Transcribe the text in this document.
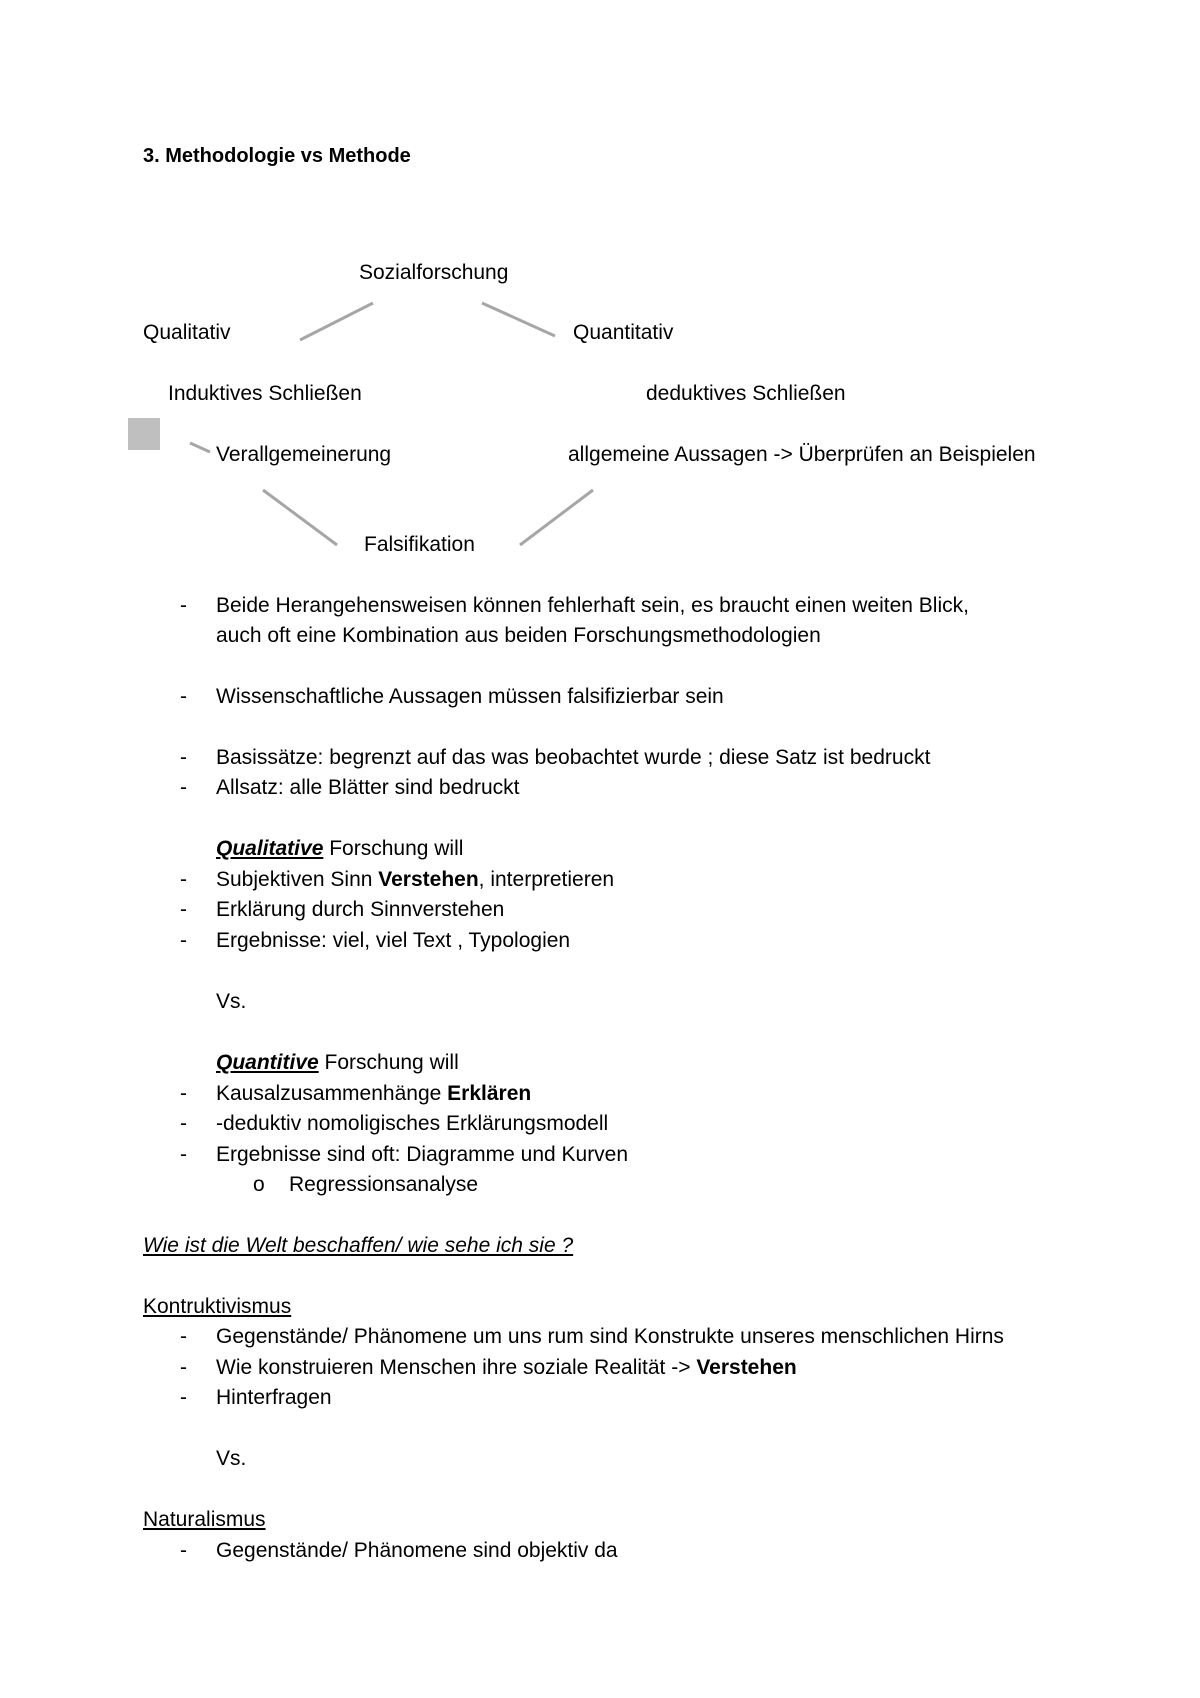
3. Methodologie vs Methode
Sozialforschung
Qualitativ	Quantitativ
Induktives Schließen	deduktives Schließen
Verallgemeinerung	allgemeine Aussagen -> Überprüfen an Beispielen
Falsifikation
- Beide Herangehensweisen können fehlerhaft sein, es braucht einen weiten Blick,
auch oft eine Kombination aus beiden Forschungsmethodologien
- Wissenschaftliche Aussagen müssen falsifizierbar sein
- Basissätze: begrenzt auf das was beobachtet wurde ; diese Satz ist bedruckt
- Allsatz: alle Blätter sind bedruckt
Qualitative Forschung will
- Subjektiven Sinn Verstehen, interpretieren
- Erklärung durch Sinnverstehen
- Ergebnisse: viel, viel Text , Typologien
Vs.
Quantitive Forschung will
- Kausalzusammenhänge Erklären
- -deduktiv nomoligisches Erklärungsmodell
- Ergebnisse sind oft: Diagramme und Kurven
o Regressionsanalyse
Wie ist die Welt beschaffen/ wie sehe ich sie ?
Kontruktivismus
- Gegenstände/ Phänomene um uns rum sind Konstrukte unseres menschlichen Hirns
- Wie konstruieren Menschen ihre soziale Realität -> Verstehen
- Hinterfragen
Vs.
Naturalismus
- Gegenstände/ Phänomene sind objektiv da
